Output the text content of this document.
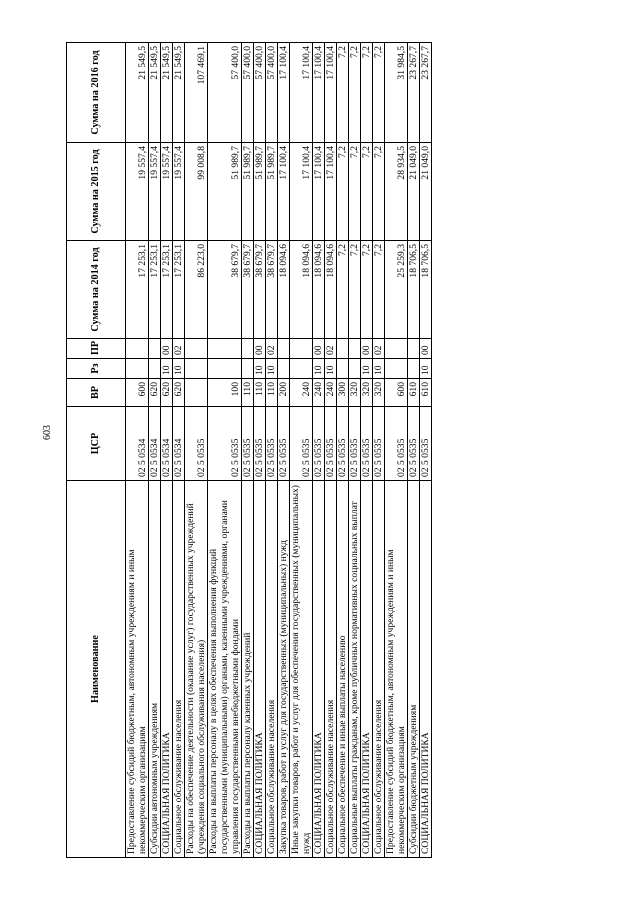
603
Наименование	ЦСР	ВР	Рз	ПР	Сумма на 2014 год	Сумма на 2015 год	Сумма на 2016 год
Предоставление субсидий бюджетным, автономным учреждениям и иным некоммерческим организациям	02 5 0534	600			17 253,1	19 557,4	21 549,5
Субсидии автономным учреждениям	02 5 0534	620			17 253,1	19 557,4	21 549,5
СОЦИАЛЬНАЯ ПОЛИТИКА	02 5 0534	620	10	00	17 253,1	19 557,4	21 549,5
Социальное обслуживание населения	02 5 0534	620	10	02	17 253,1	19 557,4	21 549,5
Расходы на обеспечение деятельности (оказание услуг) государственных учреждений (учреждения социального обслуживания населения)	02 5 0535				86 223,0	99 008,8	107 469,1
Расходы на выплаты персоналу в целях обеспечения выполнения функций государственными (муниципальными) органами, казенными учреждениями, органами управления государственными внебюджетными фондами	02 5 0535	100			38 679,7	51 989,7	57 400,0
Расходы на выплаты персоналу казенных учреждений	02 5 0535	110			38 679,7	51 989,7	57 400,0
СОЦИАЛЬНАЯ ПОЛИТИКА	02 5 0535	110	10	00	38 679,7	51 989,7	57 400,0
Социальное обслуживание населения	02 5 0535	110	10	02	38 679,7	51 989,7	57 400,0
Закупка товаров, работ и услуг для государственных (муниципальных) нужд	02 5 0535	200			18 094,6	17 100,4	17 100,4
Иные закупки товаров, работ и услуг для обеспечения государственных (муниципальных) нужд	02 5 0535	240			18 094,6	17 100,4	17 100,4
СОЦИАЛЬНАЯ ПОЛИТИКА	02 5 0535	240	10	00	18 094,6	17 100,4	17 100,4
Социальное обслуживание населения	02 5 0535	240	10	02	18 094,6	17 100,4	17 100,4
Социальное обеспечение и иные выплаты населению	02 5 0535	300			7,2	7,2	7,2
Социальные выплаты гражданам, кроме публичных нормативных социальных выплат	02 5 0535	320			7,2	7,2	7,2
СОЦИАЛЬНАЯ ПОЛИТИКА	02 5 0535	320	10	00	7,2	7,2	7,2
Социальное обслуживание населения	02 5 0535	320	10	02	7,2	7,2	7,2
Предоставление субсидий бюджетным, автономным учреждениям и иным некоммерческим организациям	02 5 0535	600			25 259,3	28 934,5	31 984,5
Субсидии бюджетным учреждениям	02 5 0535	610			18 706,5	21 049,0	23 267,7
СОЦИАЛЬНАЯ ПОЛИТИКА	02 5 0535	610	10	00	18 706,5	21 049,0	23 267,7
